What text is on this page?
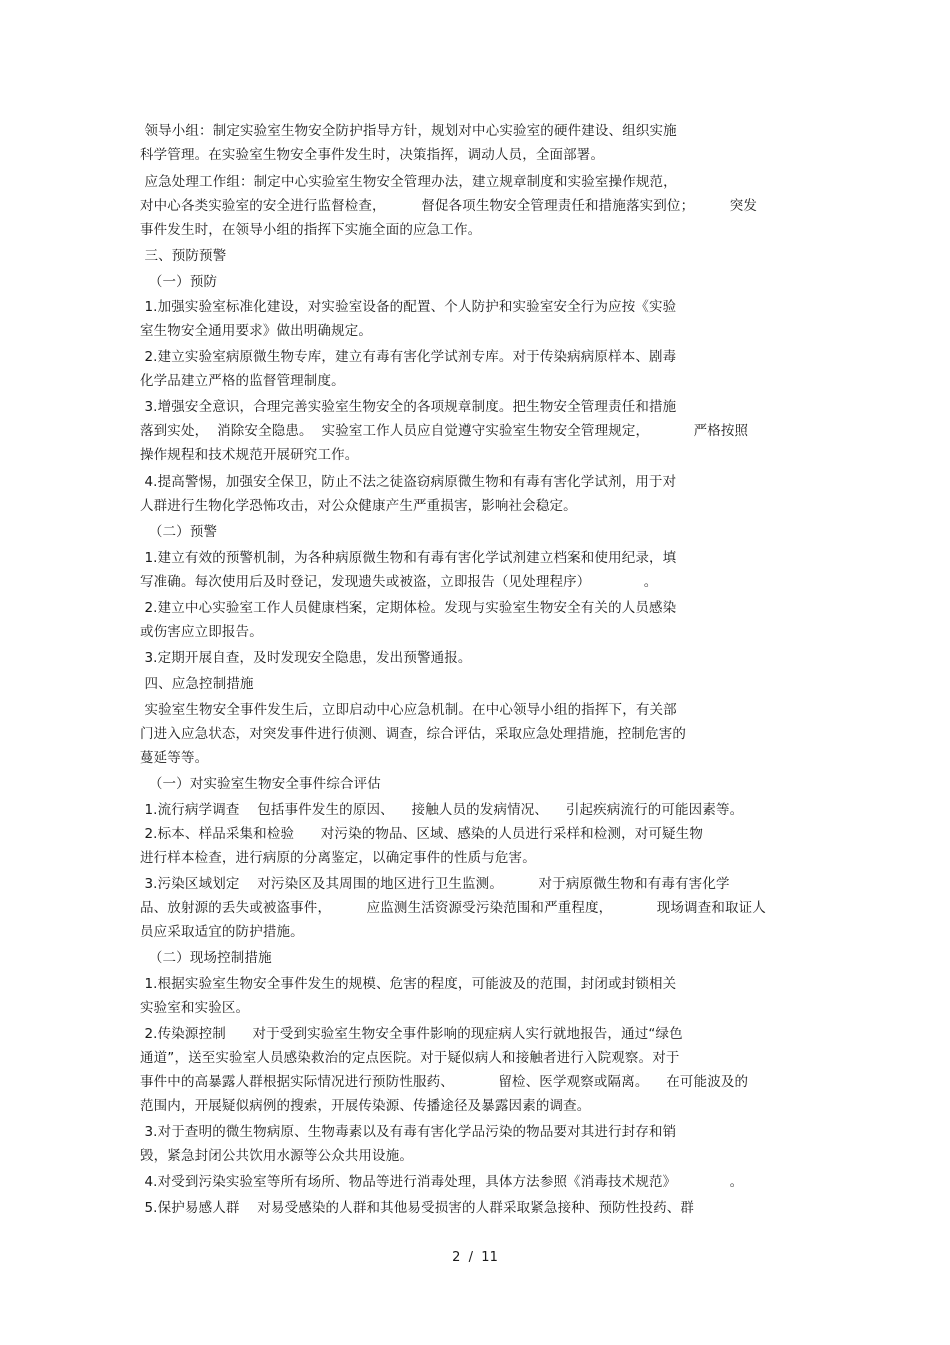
领导小组：制定实验室生物安全防护指导方针，规划对中心实验室的硬件建设、组织实施
科学管理。在实验室生物安全事件发生时，决策指挥，调动人员，全面部署。
应急处理工作组：制定中心实验室生物安全管理办法，建立规章制度和实验室操作规范，
对中心各类实验室的安全进行监督检查，        督促各项生物安全管理责任和措施落实到位；        突发
事件发生时，在领导小组的指挥下实施全面的应急工作。
三、预防预警
（一）预防
1.加强实验室标准化建设，对实验室设备的配置、个人防护和实验室安全行为应按《实验
室生物安全通用要求》做出明确规定。
2.建立实验室病原微生物专库，建立有毒有害化学试剂专库。对于传染病病原样本、剧毒
化学品建立严格的监督管理制度。
3.增强安全意识，合理完善实验室生物安全的各项规章制度。把生物安全管理责任和措施
落到实处，  消除安全隐患。  实验室工作人员应自觉遵守实验室生物安全管理规定，          严格按照
操作规程和技术规范开展研究工作。
4.提高警惕，加强安全保卫，防止不法之徒盗窃病原微生物和有毒有害化学试剂，用于对
人群进行生物化学恐怖攻击，对公众健康产生严重损害，影响社会稳定。
（二）预警
1.建立有效的预警机制，为各种病原微生物和有毒有害化学试剂建立档案和使用纪录，填
写准确。每次使用后及时登记，发现遗失或被盗，立即报告（见处理程序）            。
2.建立中心实验室工作人员健康档案，定期体检。发现与实验室生物安全有关的人员感染
或伤害应立即报告。
3.定期开展自查，及时发现安全隐患，发出预警通报。
四、应急控制措施
实验室生物安全事件发生后，立即启动中心应急机制。在中心领导小组的指挥下，有关部
门进入应急状态，对突发事件进行侦测、调查，综合评估，采取应急处理措施，控制危害的
蔓延等等。
（一）对实验室生物安全事件综合评估
1.流行病学调查    包括事件发生的原因、    接触人员的发病情况、    引起疾病流行的可能因素等。
2.标本、样品采集和检验      对污染的物品、区域、感染的人员进行采样和检测，对可疑生物
进行样本检查，进行病原的分离鉴定，以确定事件的性质与危害。
3.污染区域划定    对污染区及其周围的地区进行卫生监测。        对于病原微生物和有毒有害化学
品、放射源的丢失或被盗事件，        应监测生活资源受污染范围和严重程度，          现场调查和取证人
员应采取适宜的防护措施。
（二）现场控制措施
1.根据实验室生物安全事件发生的规模、危害的程度，可能波及的范围，封闭或封锁相关
实验室和实验区。
2.传染源控制      对于受到实验室生物安全事件影响的现症病人实行就地报告，通过“绿色
通道”，送至实验室人员感染救治的定点医院。对于疑似病人和接触者进行入院观察。对于
事件中的高暴露人群根据实际情况进行预防性服药、          留检、医学观察或隔离。    在可能波及的
范围内，开展疑似病例的搜索，开展传染源、传播途径及暴露因素的调查。
3.对于查明的微生物病原、生物毒素以及有毒有害化学品污染的物品要对其进行封存和销
毁，紧急封闭公共饮用水源等公众共用设施。
4.对受到污染实验室等所有场所、物品等进行消毒处理，具体方法参照《消毒技术规范》            。
5.保护易感人群    对易受感染的人群和其他易受损害的人群采取紧急接种、预防性投药、群
2  /  11
